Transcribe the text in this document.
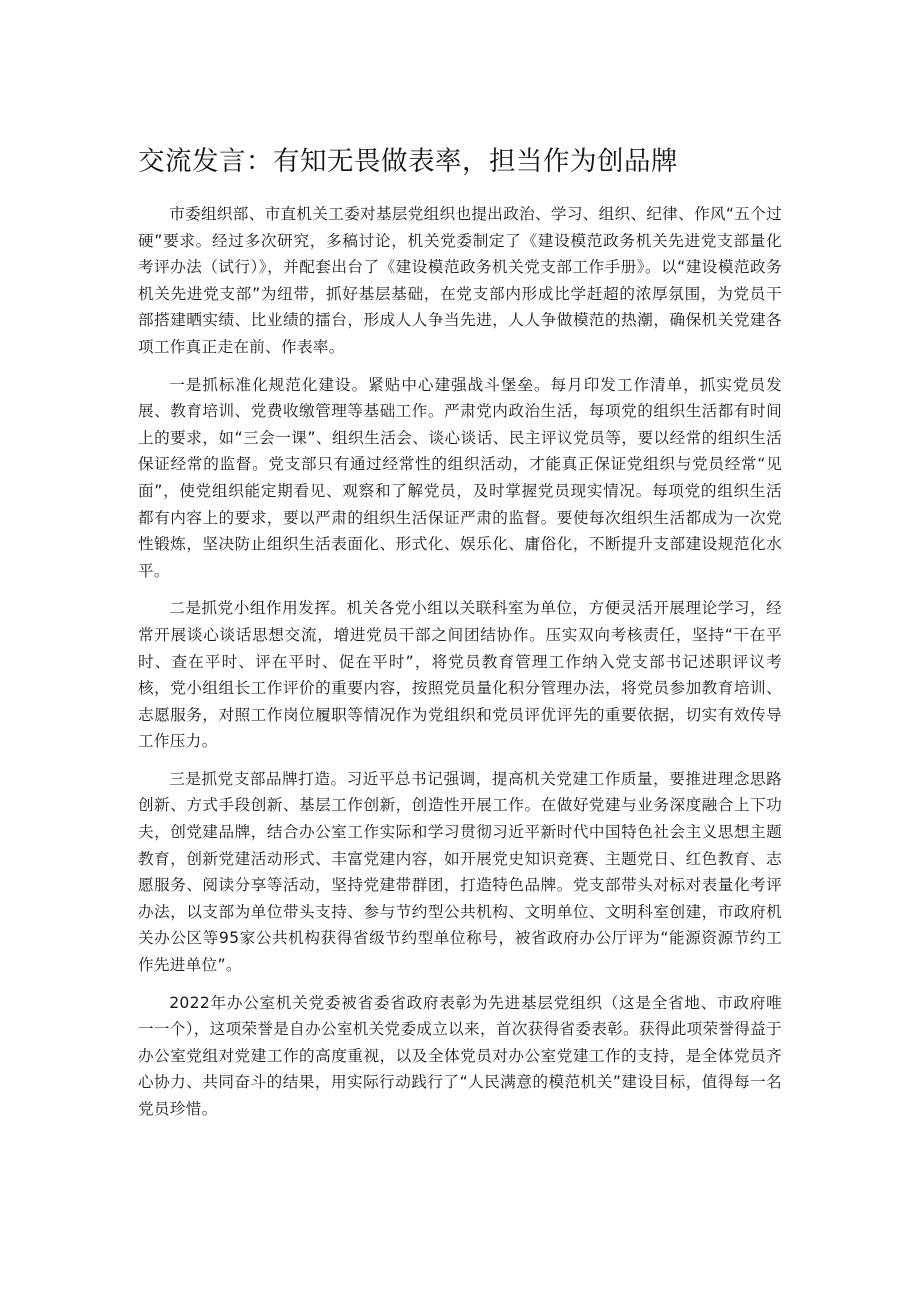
交流发言：有知无畏做表率，担当作为创品牌

市委组织部、市直机关工委对基层党组织也提出政治、学习、组织、纪律、作风“五个过硬”要求。经过多次研究，多稿讨论，机关党委制定了《建设模范政务机关先进党支部量化考评办法（试行）》，并配套出台了《建设模范政务机关党支部工作手册》。以“建设模范政务机关先进党支部”为纽带，抓好基层基础，在党支部内形成比学赶超的浓厚氛围，为党员干部搭建晒实绩、比业绩的擂台，形成人人争当先进，人人争做模范的热潮，确保机关党建各项工作真正走在前、作表率。

一是抓标准化规范化建设。紧贴中心建强战斗堡垒。每月印发工作清单，抓实党员发展、教育培训、党费收缴管理等基础工作。严肃党内政治生活，每项党的组织生活都有时间上的要求，如“三会一课”、组织生活会、谈心谈话、民主评议党员等，要以经常的组织生活保证经常的监督。党支部只有通过经常性的组织活动，才能真正保证党组织与党员经常“见面”，使党组织能定期看见、观察和了解党员，及时掌握党员现实情况。每项党的组织生活都有内容上的要求，要以严肃的组织生活保证严肃的监督。要使每次组织生活都成为一次党性锻炼，坚决防止组织生活表面化、形式化、娱乐化、庸俗化，不断提升支部建设规范化水平。

二是抓党小组作用发挥。机关各党小组以关联科室为单位，方便灵活开展理论学习，经常开展谈心谈话思想交流，增进党员干部之间团结协作。压实双向考核责任，坚持“干在平时、查在平时、评在平时、促在平时”，将党员教育管理工作纳入党支部书记述职评议考核，党小组组长工作评价的重要内容，按照党员量化积分管理办法，将党员参加教育培训、志愿服务，对照工作岗位履职等情况作为党组织和党员评优评先的重要依据，切实有效传导工作压力。

三是抓党支部品牌打造。习近平总书记强调，提高机关党建工作质量，要推进理念思路创新、方式手段创新、基层工作创新，创造性开展工作。在做好党建与业务深度融合上下功夫，创党建品牌，结合办公室工作实际和学习贯彻习近平新时代中国特色社会主义思想主题教育，创新党建活动形式、丰富党建内容，如开展党史知识竞赛、主题党日、红色教育、志愿服务、阅读分享等活动，坚持党建带群团，打造特色品牌。党支部带头对标对表量化考评办法，以支部为单位带头支持、参与节约型公共机构、文明单位、文明科室创建，市政府机关办公区等95家公共机构获得省级节约型单位称号，被省政府办公厅评为“能源资源节约工作先进单位”。

2022年办公室机关党委被省委省政府表彰为先进基层党组织（这是全省地、市政府唯一一个），这项荣誉是自办公室机关党委成立以来，首次获得省委表彰。获得此项荣誉得益于办公室党组对党建工作的高度重视，以及全体党员对办公室党建工作的支持，是全体党员齐心协力、共同奋斗的结果，用实际行动践行了“人民满意的模范机关”建设目标，值得每一名党员珍惜。
